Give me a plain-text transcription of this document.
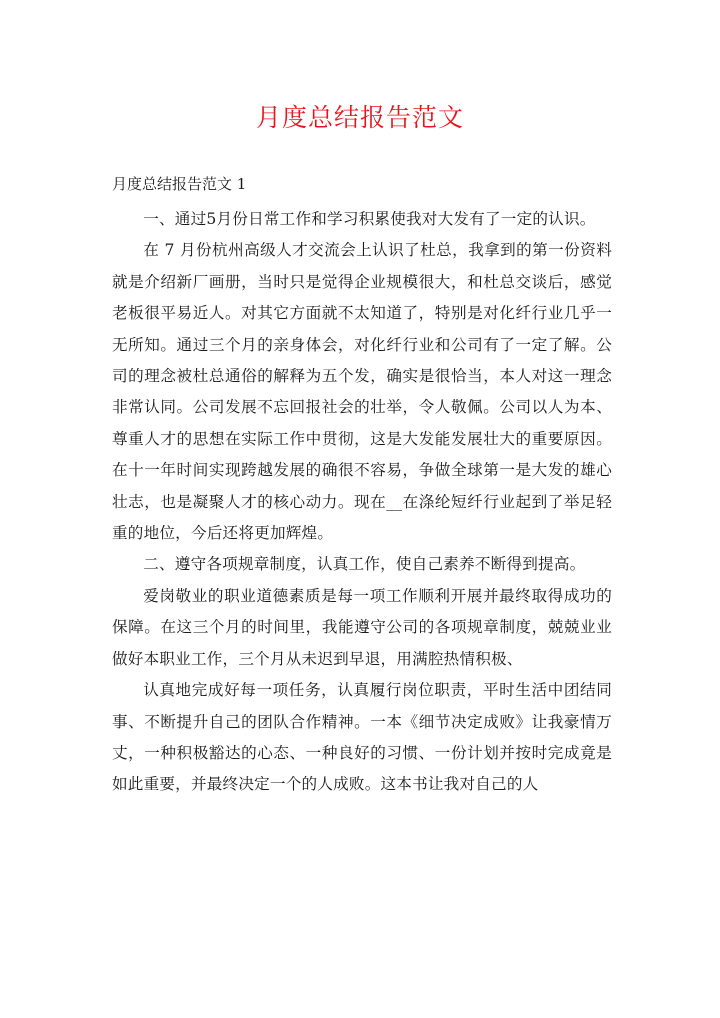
月度总结报告范文

月度总结报告范文 1

一、通过5月份日常工作和学习积累使我对大发有了一定的认识。

在 7 月份杭州高级人才交流会上认识了杜总，我拿到的第一份资料就是介绍新厂画册，当时只是觉得企业规模很大，和杜总交谈后，感觉老板很平易近人。对其它方面就不太知道了，特别是对化纤行业几乎一无所知。通过三个月的亲身体会，对化纤行业和公司有了一定了解。公司的理念被杜总通俗的解释为五个发，确实是很恰当，本人对这一理念非常认同。公司发展不忘回报社会的壮举，令人敬佩。公司以人为本、尊重人才的思想在实际工作中贯彻，这是大发能发展壮大的重要原因。在十一年时间实现跨越发展的确很不容易，争做全球第一是大发的雄心壮志，也是凝聚人才的核心动力。现在__在涤纶短纤行业起到了举足轻重的地位，今后还将更加辉煌。

二、遵守各项规章制度，认真工作，使自己素养不断得到提高。

爱岗敬业的职业道德素质是每一项工作顺利开展并最终取得成功的保障。在这三个月的时间里，我能遵守公司的各项规章制度，兢兢业业做好本职业工作，三个月从未迟到早退，用满腔热情积极、

认真地完成好每一项任务，认真履行岗位职责，平时生活中团结同事、不断提升自己的团队合作精神。一本《细节决定成败》让我豪情万丈，一种积极豁达的心态、一种良好的习惯、一份计划并按时完成竟是如此重要，并最终决定一个的人成败。这本书让我对自己的人
